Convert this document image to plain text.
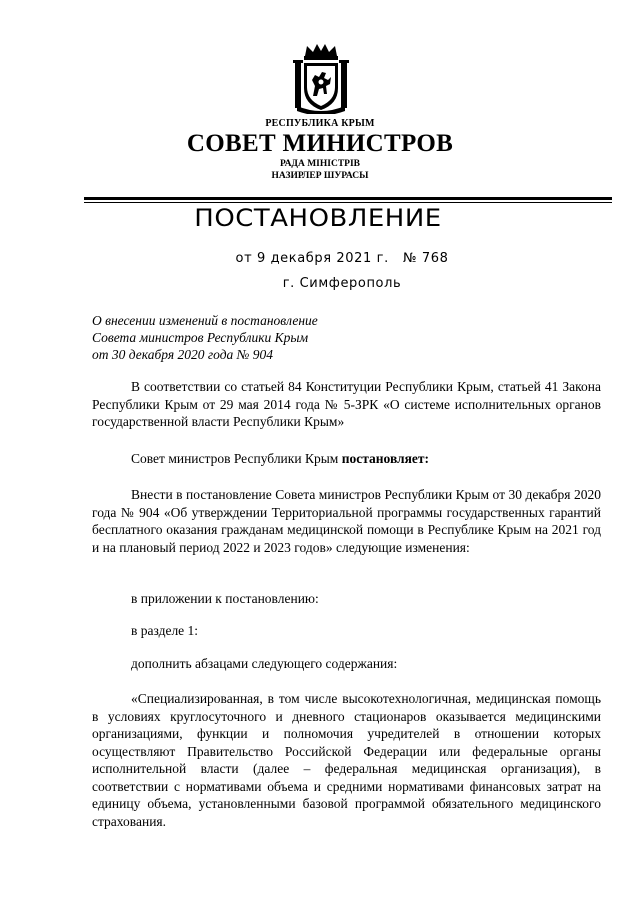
РЕСПУБЛИКА КРЫМ
СОВЕТ МИНИСТРОВ
РАДА МІНІСТРІВ
НАЗИРЛЕР ШУРАСЫ
ПОСТАНОВЛЕНИЕ
от 9 декабря 2021 г.   № 768
г. Симферополь
О внесении изменений в постановление
Совета министров Республики Крым
от 30 декабря 2020 года № 904
В соответствии со статьей 84 Конституции Республики Крым, статьей 41 Закона Республики Крым от 29 мая 2014 года № 5-ЗРК «О системе исполнительных органов государственной власти Республики Крым»
Совет министров Республики Крым постановляет:
Внести в постановление Совета министров Республики Крым от 30 декабря 2020 года № 904 «Об утверждении Территориальной программы государственных гарантий бесплатного оказания гражданам медицинской помощи в Республике Крым на 2021 год и на плановый период 2022 и 2023 годов» следующие изменения:
в приложении к постановлению:
в разделе 1:
дополнить абзацами следующего содержания:
«Специализированная, в том числе высокотехнологичная, медицинская помощь в условиях круглосуточного и дневного стационаров оказывается медицинскими организациями, функции и полномочия учредителей в отношении которых осуществляют Правительство Российской Федерации или федеральные органы исполнительной власти (далее – федеральная медицинская организация), в соответствии с нормативами объема и средними нормативами финансовых затрат на единицу объема, установленными базовой программой обязательного медицинского страхования.
